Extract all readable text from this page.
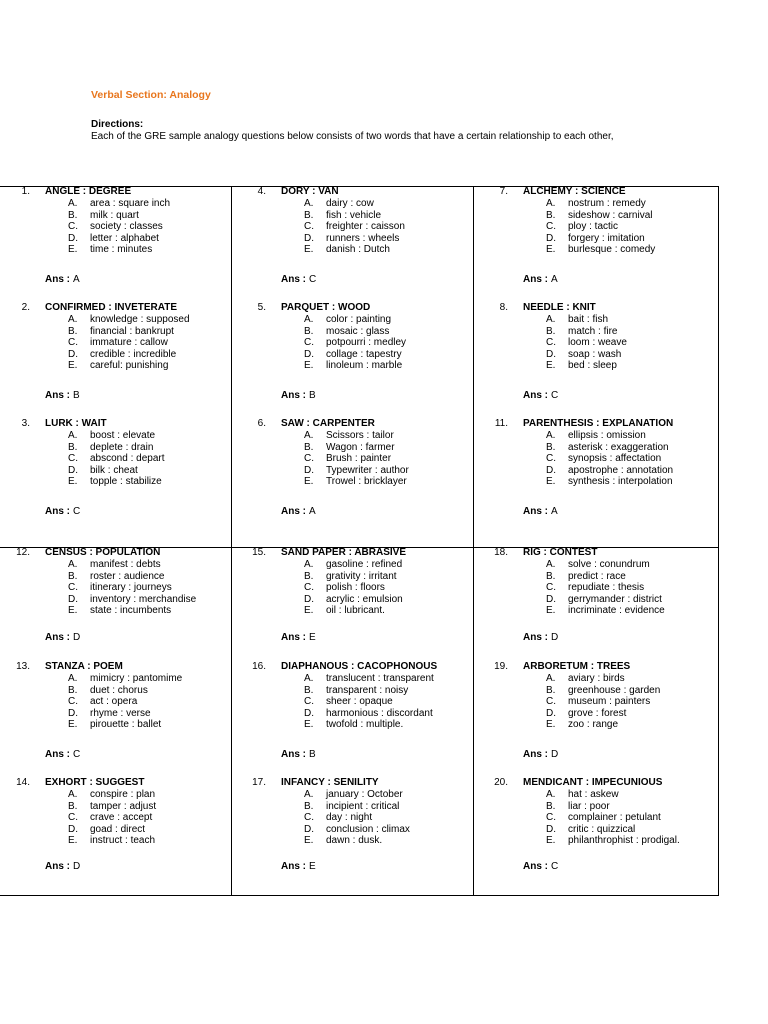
Verbal Section: Analogy
Directions:
Each of the GRE sample analogy questions below consists of two words that have a certain relationship to each other,
1. ANGLE : DEGREE
A. area : square inch
B. milk : quart
C. society : classes
D. letter : alphabet
E. time : minutes
Ans : A
2. CONFIRMED : INVETERATE
A. knowledge : supposed
B. financial : bankrupt
C. immature : callow
D. credible : incredible
E. careful: punishing
Ans : B
3. LURK : WAIT
A. boost : elevate
B. deplete : drain
C. abscond : depart
D. bilk : cheat
E. topple : stabilize
Ans : C
4. DORY : VAN
A. dairy : cow
B. fish : vehicle
C. freighter : caisson
D. runners : wheels
E. danish : Dutch
Ans : C
5. PARQUET : WOOD
A. color : painting
B. mosaic : glass
C. potpourri : medley
D. collage : tapestry
E. linoleum : marble
Ans : B
6. SAW : CARPENTER
A. Scissors : tailor
B. Wagon : farmer
C. Brush : painter
D. Typewriter : author
E. Trowel : bricklayer
Ans : A
7. ALCHEMY : SCIENCE
A. nostrum : remedy
B. sideshow : carnival
C. ploy : tactic
D. forgery : imitation
E. burlesque : comedy
Ans : A
8. NEEDLE : KNIT
A. bait : fish
B. match : fire
C. loom : weave
D. soap : wash
E. bed : sleep
Ans : C
11. PARENTHESIS : EXPLANATION
A. ellipsis : omission
B. asterisk : exaggeration
C. synopsis : affectation
D. apostrophe : annotation
E. synthesis : interpolation
Ans : A
12. CENSUS : POPULATION
A. manifest : debts
B. roster : audience
C. itinerary : journeys
D. inventory : merchandise
E. state : incumbents
Ans : D
13. STANZA : POEM
A. mimicry : pantomime
B. duet : chorus
C. act : opera
D. rhyme : verse
E. pirouette : ballet
Ans : C
14. EXHORT : SUGGEST
A. conspire : plan
B. tamper : adjust
C. crave : accept
D. goad : direct
E. instruct : teach
Ans : D
15. SAND PAPER : ABRASIVE
A. gasoline : refined
B. grativity : irritant
C. polish : floors
D. acrylic : emulsion
E. oil : lubricant.
Ans : E
16. DIAPHANOUS : CACOPHONOUS
A. translucent : transparent
B. transparent : noisy
C. sheer : opaque
D. harmonious : discordant
E. twofold : multiple.
Ans : B
17. INFANCY : SENILITY
A. january : October
B. incipient : critical
C. day : night
D. conclusion : climax
E. dawn : dusk.
Ans : E
18. RIG : CONTEST
A. solve : conundrum
B. predict : race
C. repudiate : thesis
D. gerrymander : district
E. incriminate : evidence
Ans : D
19. ARBORETUM : TREES
A. aviary : birds
B. greenhouse : garden
C. museum : painters
D. grove : forest
E. zoo : range
Ans : D
20. MENDICANT : IMPECUNIOUS
A. hat : askew
B. liar : poor
C. complainer : petulant
D. critic : quizzical
E. philanthrophist : prodigal.
Ans : C
